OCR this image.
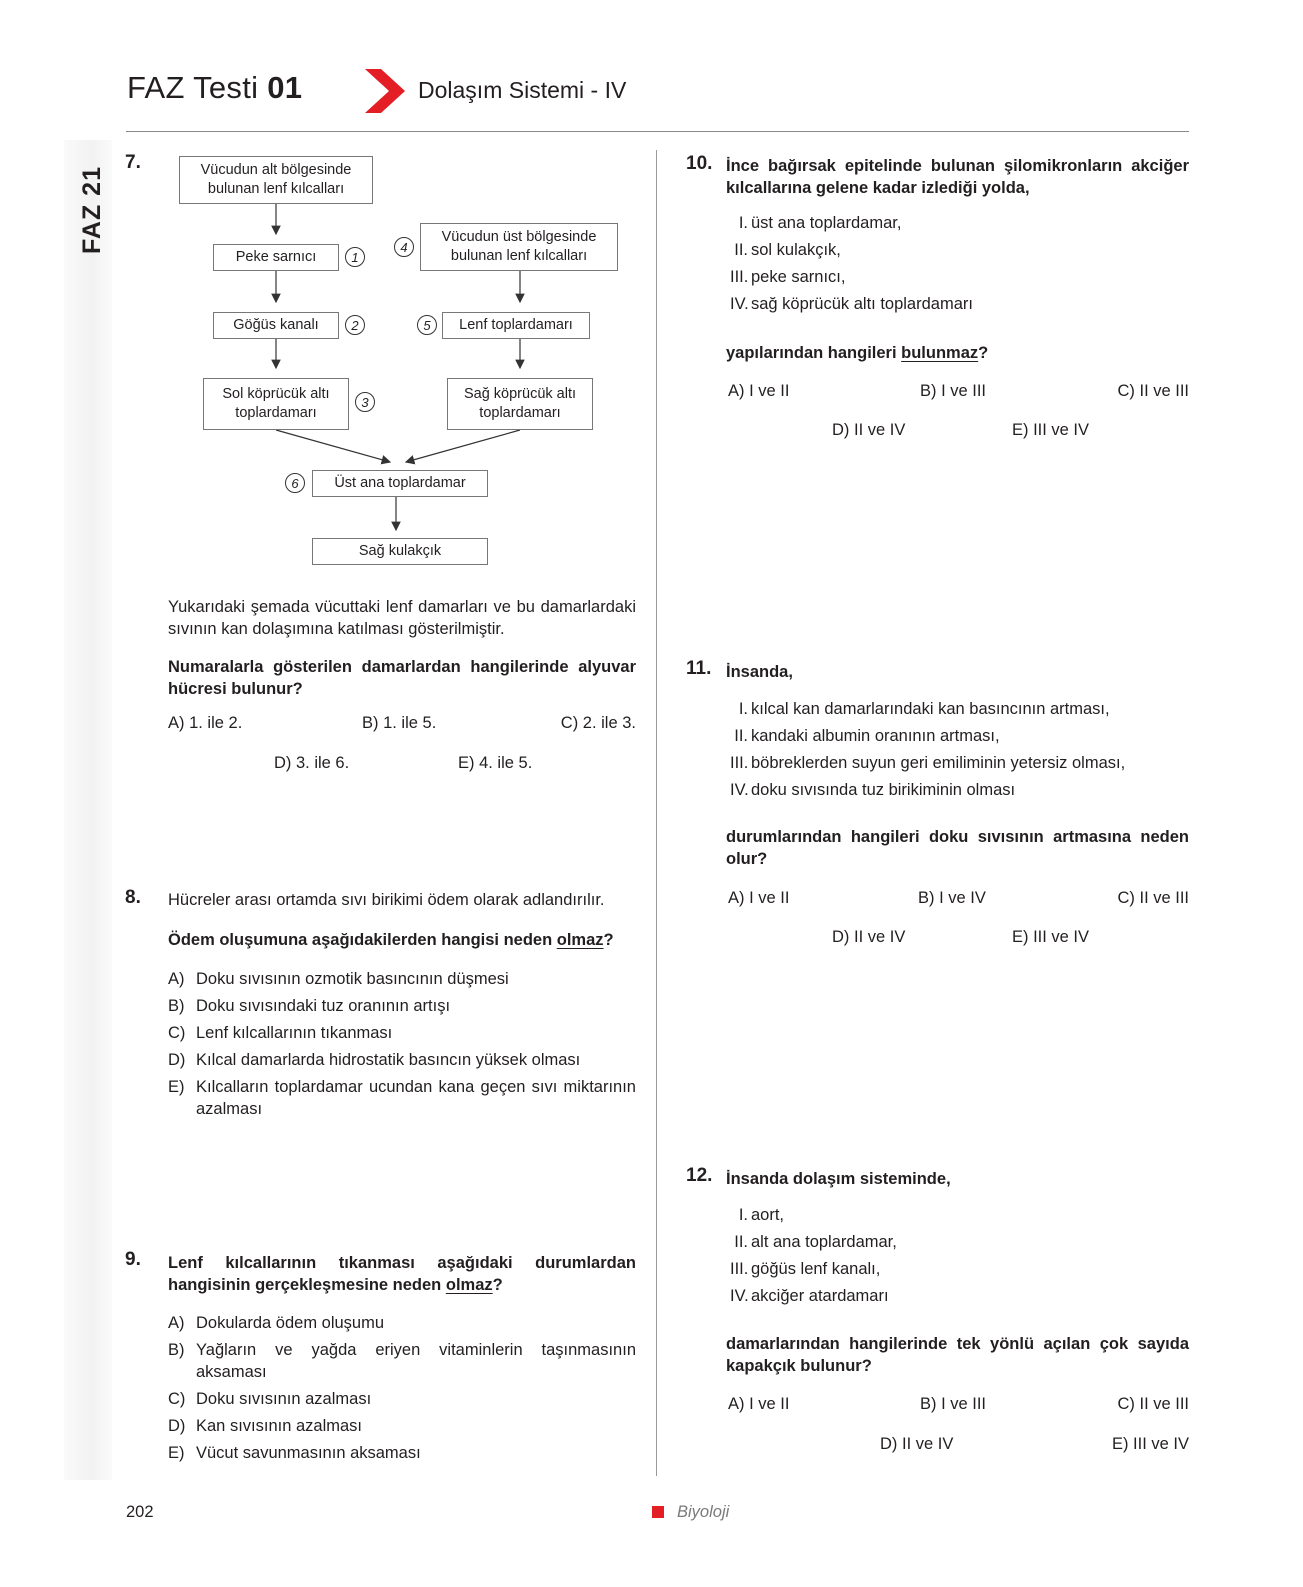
FAZ Testi 01	Dolaşım Sistemi - IV
FAZ 21
7.	Vücudun alt bölgesinde bulunan lenf kılcalları
Peke sarnıcı	1
Göğüs kanalı	2
Sol köprücük altı toplardamarı
3
Vücudun üst bölgesinde bulunan lenf kılcalları
4
Lenf toplardamarı
5
Sağ köprücük altı toplardamarı
Üst ana toplardamar
6
Sağ kulakçık
Yukarıdaki şemada vücuttaki lenf damarları ve bu damarlardaki sıvının kan dolaşımına katılması gösterilmiştir.
Numaralarla gösterilen damarlardan hangilerinde alyuvar hücresi bulunur?
A) 1. ile 2.	B) 1. ile 5.	C) 2. ile 3.
D) 3. ile 6.	E) 4. ile 5.
8. Hücreler arası ortamda sıvı birikimi ödem olarak adlandırılır.
Ödem oluşumuna aşağıdakilerden hangisi neden olmaz?
A) Doku sıvısının ozmotik basıncının düşmesi
B) Doku sıvısındaki tuz oranının artışı
C) Lenf kılcallarının tıkanması
D) Kılcal damarlarda hidrostatik basıncın yüksek olması
E) Kılcalların toplardamar ucundan kana geçen sıvı miktarının azalması
9. Lenf kılcallarının tıkanması aşağıdaki durumlardan hangisinin gerçekleşmesine neden olmaz?
A) Dokularda ödem oluşumu
B) Yağların ve yağda eriyen vitaminlerin taşınmasının aksaması
C) Doku sıvısının azalması
D) Kan sıvısının azalması
E) Vücut savunmasının aksaması
10. İnce bağırsak epitelinde bulunan şilomikronların akciğer kılcallarına gelene kadar izlediği yolda,
I. üst ana toplardamar,
II. sol kulakçık,
III. peke sarnıcı,
IV. sağ köprücük altı toplardamarı
yapılarından hangileri bulunmaz?
A) I ve II	B) I ve III	C) II ve III
D) II ve IV	E) III ve IV
11. İnsanda,
I. kılcal kan damarlarındaki kan basıncının artması,
II. kandaki albumin oranının artması,
III. böbreklerden suyun geri emiliminin yetersiz olması,
IV. doku sıvısında tuz birikiminin olması
durumlarından hangileri doku sıvısının artmasına neden olur?
A) I ve II	B) I ve IV	C) II ve III
D) II ve IV	E) III ve IV
12. İnsanda dolaşım sisteminde,
I. aort,
II. alt ana toplardamar,
III. göğüs lenf kanalı,
IV. akciğer atardamarı
damarlarından hangilerinde tek yönlü açılan çok sayıda kapakçık bulunur?
A) I ve II	B) I ve III	C) II ve III
D) II ve IV	E) III ve IV
202	Biyoloji
